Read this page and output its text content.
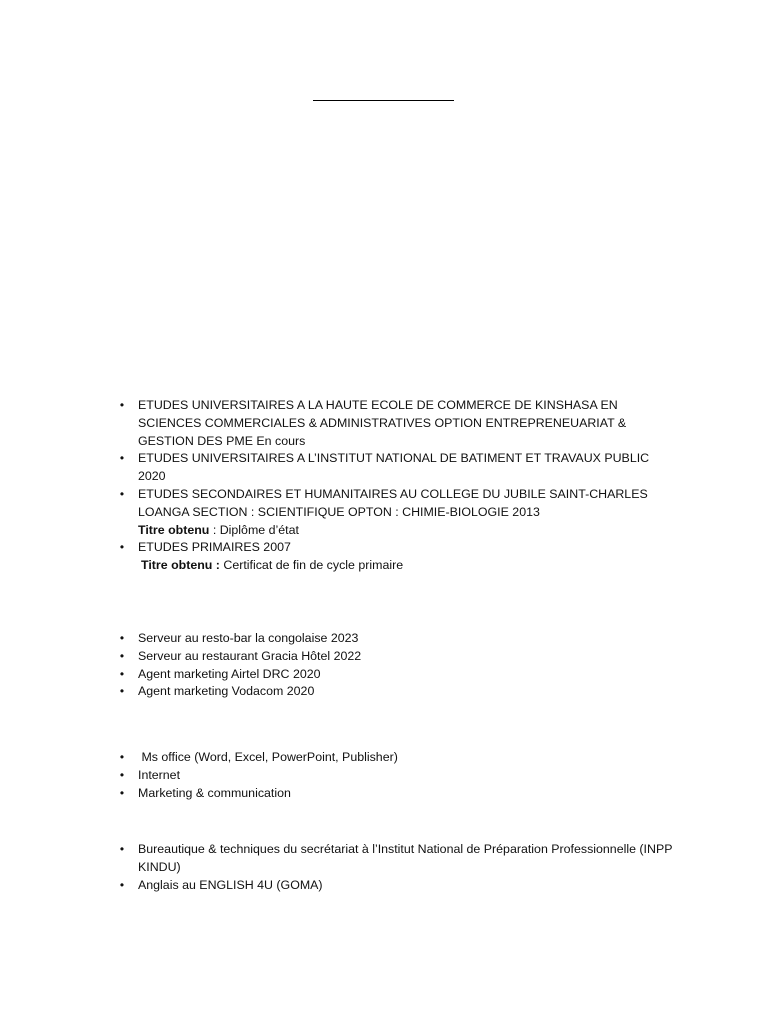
•	ETUDES UNIVERSITAIRES A LA HAUTE ECOLE DE COMMERCE DE KINSHASA EN SCIENCES COMMERCIALES & ADMINISTRATIVES OPTION ENTREPRENEUARIAT & GESTION DES PME En cours
•	ETUDES UNIVERSITAIRES A L’INSTITUT NATIONAL DE BATIMENT ET TRAVAUX PUBLIC 2020
•	ETUDES SECONDAIRES ET HUMANITAIRES AU COLLEGE DU JUBILE SAINT-CHARLES LOANGA SECTION : SCIENTIFIQUE OPTON : CHIMIE-BIOLOGIE 2013
Titre obtenu : Diplôme d’état
•	ETUDES PRIMAIRES 2007
Titre obtenu : Certificat de fin de cycle primaire
•	Serveur au resto-bar la congolaise 2023
•	Serveur au restaurant Gracia Hôtel 2022
•	Agent marketing Airtel DRC 2020
•	Agent marketing Vodacom 2020
•	Ms office (Word, Excel, PowerPoint, Publisher)
•	Internet
•	Marketing & communication
•	Bureautique & techniques du secrétariat à l’Institut National de Préparation Professionnelle (INPP KINDU)
•	Anglais au ENGLISH 4U (GOMA)
